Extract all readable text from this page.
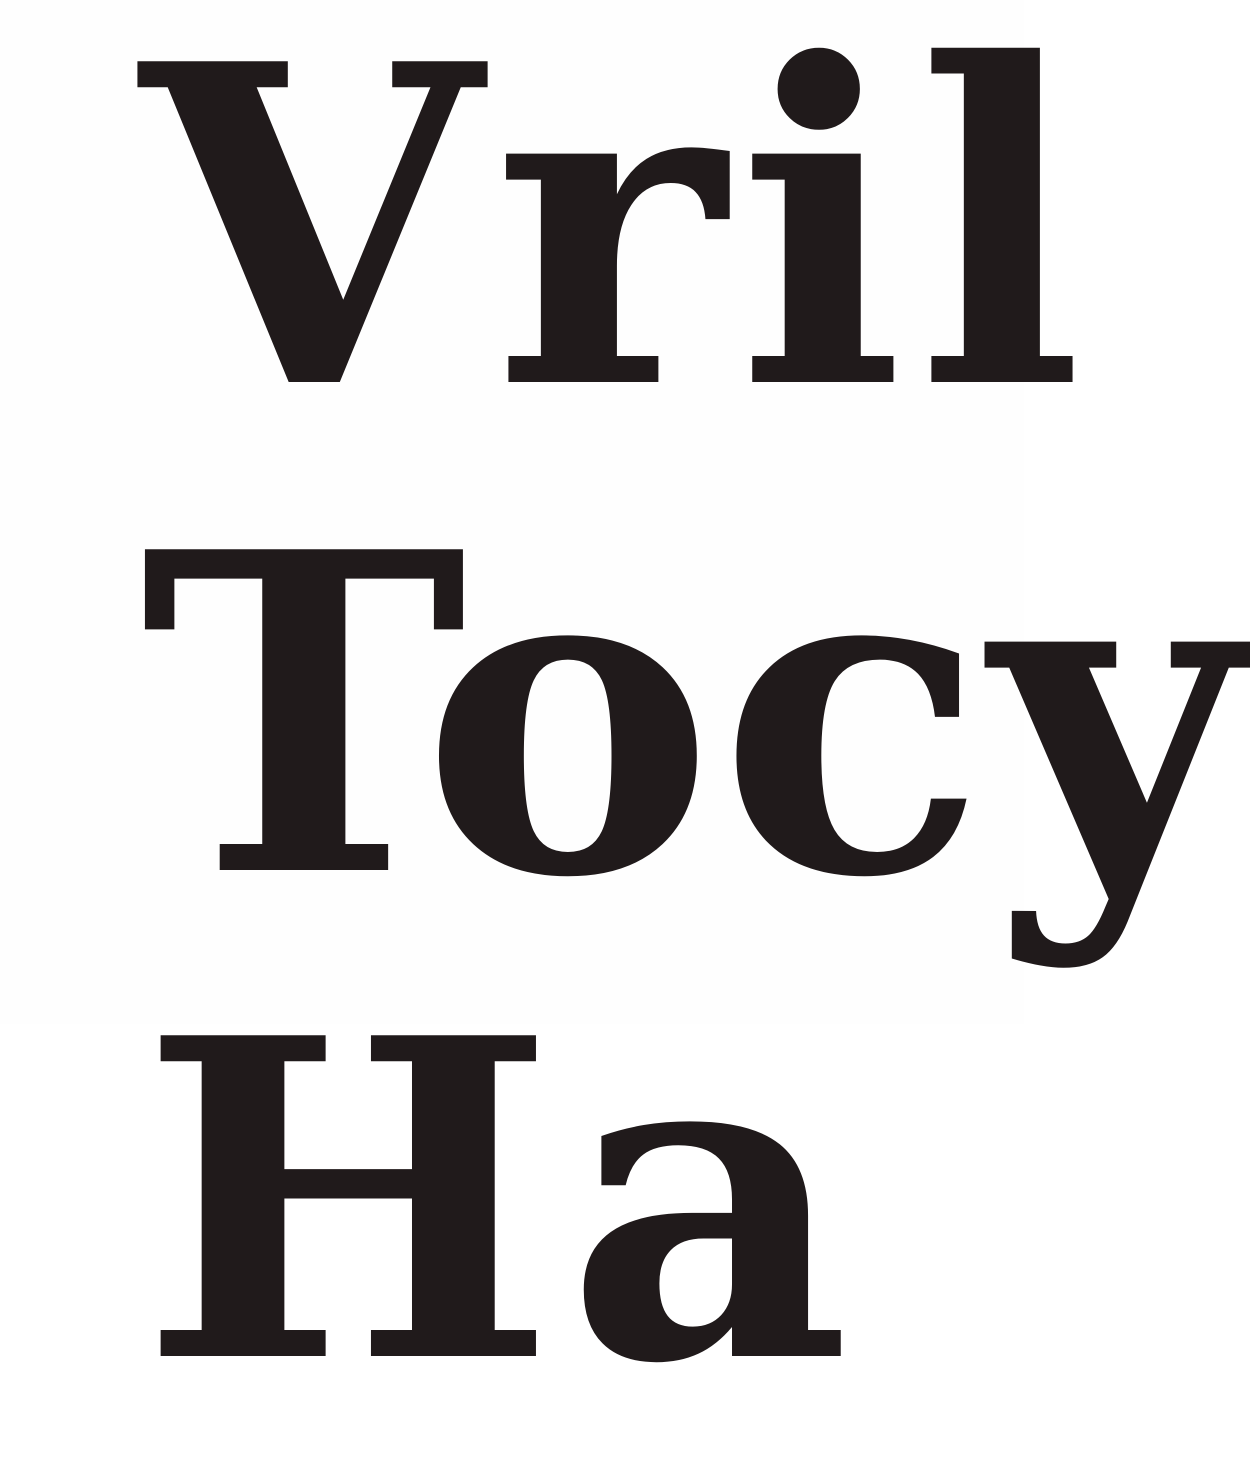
Vril
Tocy
Ha
